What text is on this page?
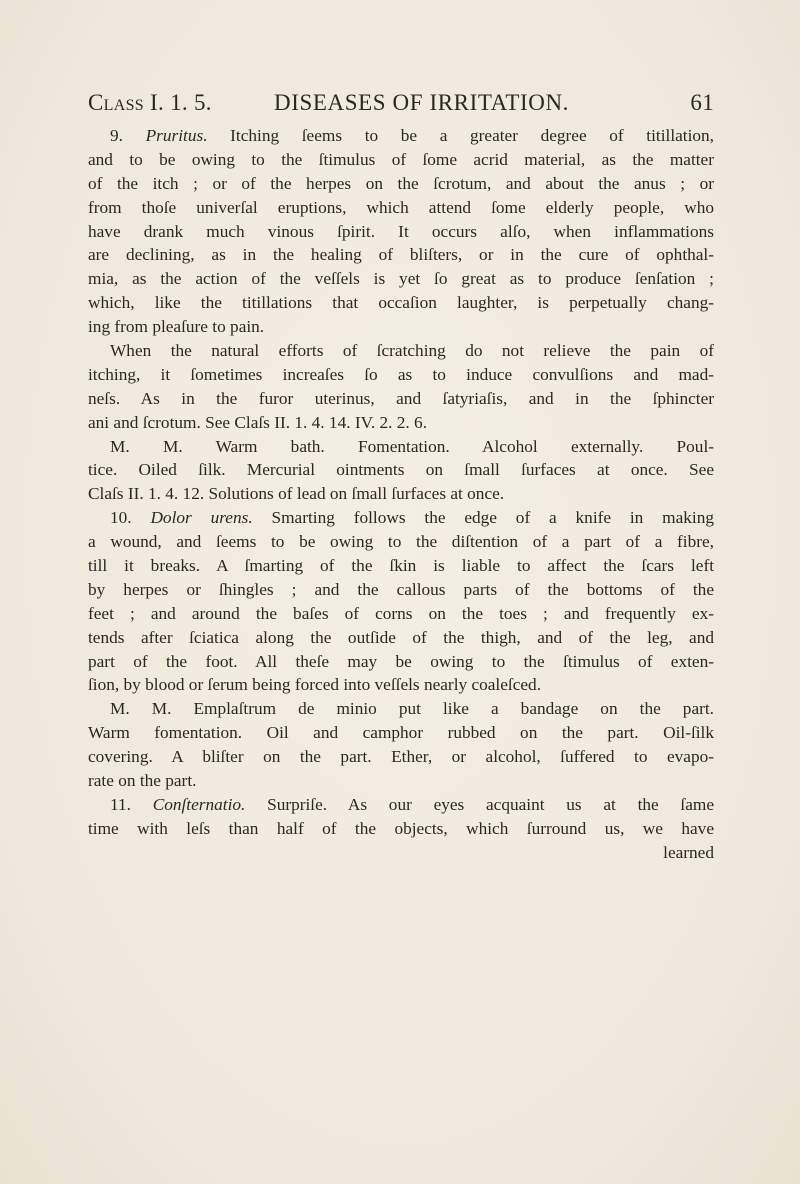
Class I. 1. 5.	DISEASES OF IRRITATION.	61
9. Pruritus. Itching ſeems to be a greater degree of titillation,
and to be owing to the ſtimulus of ſome acrid material, as the matter
of the itch ; or of the herpes on the ſcrotum, and about the anus ; or
from thoſe univerſal eruptions, which attend ſome elderly people, who
have drank much vinous ſpirit. It occurs alſo, when inflammations
are declining, as in the healing of bliſters, or in the cure of ophthal-
mia, as the action of the veſſels is yet ſo great as to produce ſenſation ;
which, like the titillations that occaſion laughter, is perpetually chang-
ing from pleaſure to pain.
When the natural efforts of ſcratching do not relieve the pain of
itching, it ſometimes increaſes ſo as to induce convulſions and mad-
neſs. As in the furor uterinus, and ſatyriaſis, and in the ſphincter
ani and ſcrotum. See Claſs II. 1. 4. 14. IV. 2. 2. 6.
M. M. Warm bath. Fomentation. Alcohol externally. Poul-
tice. Oiled ſilk. Mercurial ointments on ſmall ſurfaces at once. See
Claſs II. 1. 4. 12. Solutions of lead on ſmall ſurfaces at once.
10. Dolor urens. Smarting follows the edge of a knife in making
a wound, and ſeems to be owing to the diſtention of a part of a fibre,
till it breaks. A ſmarting of the ſkin is liable to affect the ſcars left
by herpes or ſhingles ; and the callous parts of the bottoms of the
feet ; and around the baſes of corns on the toes ; and frequently ex-
tends after ſciatica along the outſide of the thigh, and of the leg, and
part of the foot. All theſe may be owing to the ſtimulus of exten-
ſion, by blood or ſerum being forced into veſſels nearly coaleſced.
M. M. Emplaſtrum de minio put like a bandage on the part.
Warm fomentation. Oil and camphor rubbed on the part. Oil-ſilk
covering. A bliſter on the part. Ether, or alcohol, ſuffered to evapo-
rate on the part.
11. Conſternatio. Surpriſe. As our eyes acquaint us at the ſame
time with leſs than half of the objects, which ſurround us, we have
learned
